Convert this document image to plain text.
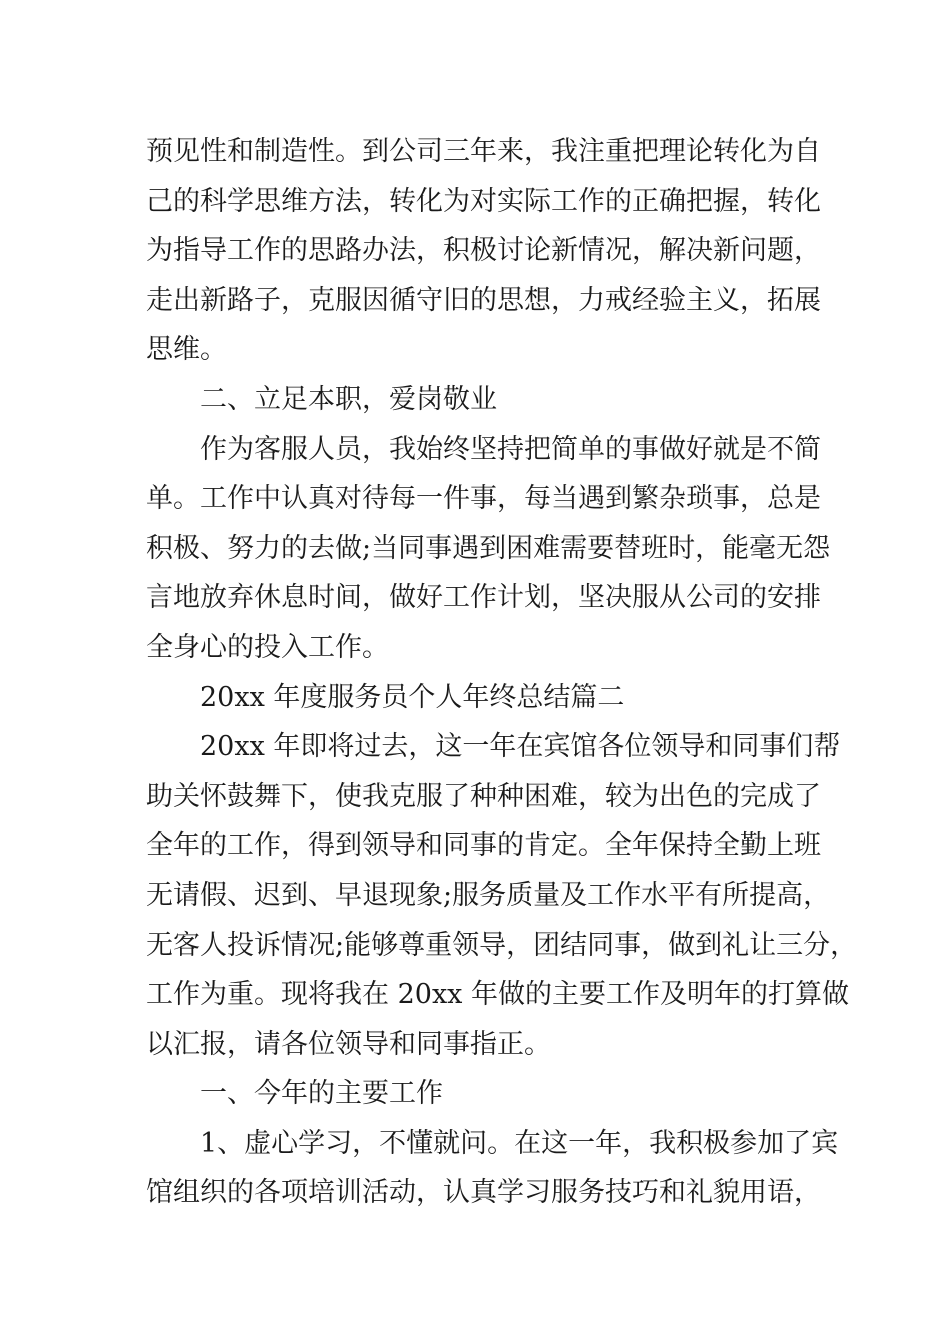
预见性和制造性。到公司三年来，我注重把理论转化为自
己的科学思维方法，转化为对实际工作的正确把握，转化
为指导工作的思路办法，积极讨论新情况，解决新问题，
走出新路子，克服因循守旧的思想，力戒经验主义，拓展
思维。
二、立足本职，爱岗敬业
作为客服人员，我始终坚持把简单的事做好就是不简
单。工作中认真对待每一件事，每当遇到繁杂琐事，总是
积极、努力的去做;当同事遇到困难需要替班时，能毫无怨
言地放弃休息时间，做好工作计划，坚决服从公司的安排
全身心的投入工作。
20xx 年度服务员个人年终总结篇二
20xx 年即将过去，这一年在宾馆各位领导和同事们帮
助关怀鼓舞下，使我克服了种种困难，较为出色的完成了
全年的工作，得到领导和同事的肯定。全年保持全勤上班
无请假、迟到、早退现象;服务质量及工作水平有所提高，
无客人投诉情况;能够尊重领导，团结同事，做到礼让三分，
工作为重。现将我在 20xx 年做的主要工作及明年的打算做
以汇报，请各位领导和同事指正。
一、今年的主要工作
1、虚心学习，不懂就问。在这一年，我积极参加了宾
馆组织的各项培训活动，认真学习服务技巧和礼貌用语，
